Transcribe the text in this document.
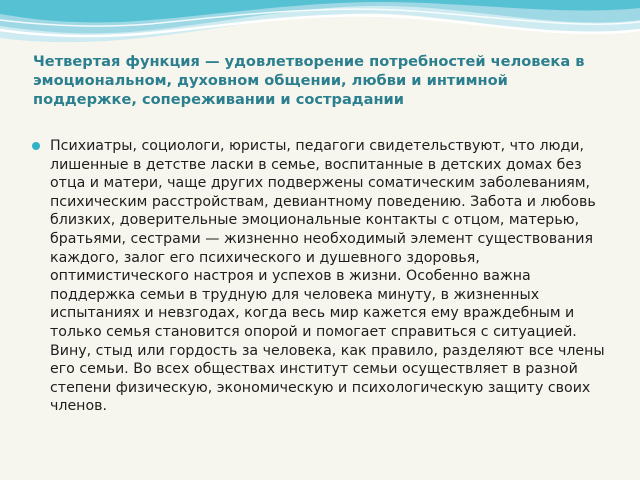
Четвертая функция — удовлетворение потребностей человека в эмоциональном, духовном общении, любви и интимной поддержке, сопереживании и сострадании
Психиатры, социологи, юристы, педагоги свидетельствуют, что люди, лишенные в детстве ласки в семье, воспитанные в детских домах без отца и матери, чаще других подвержены соматическим заболеваниям, психическим расстройствам, девиантному поведению. Забота и любовь близких, доверительные эмоциональные контакты с отцом, матерью, братьями, сестрами — жизненно необходимый элемент существования каждого, залог его психического и душевного здоровья, оптимистического настроя и успехов в жизни. Особенно важна поддержка семьи в трудную для человека минуту, в жизненных испытаниях и невзгодах, когда весь мир кажется ему враждебным и только семья становится опорой и помогает справиться с ситуацией. Вину, стыд или гордость за человека, как правило, разделяют все члены его семьи. Во всех обществах институт семьи осуществляет в разной степени физическую, экономическую и психологическую защиту своих членов.
